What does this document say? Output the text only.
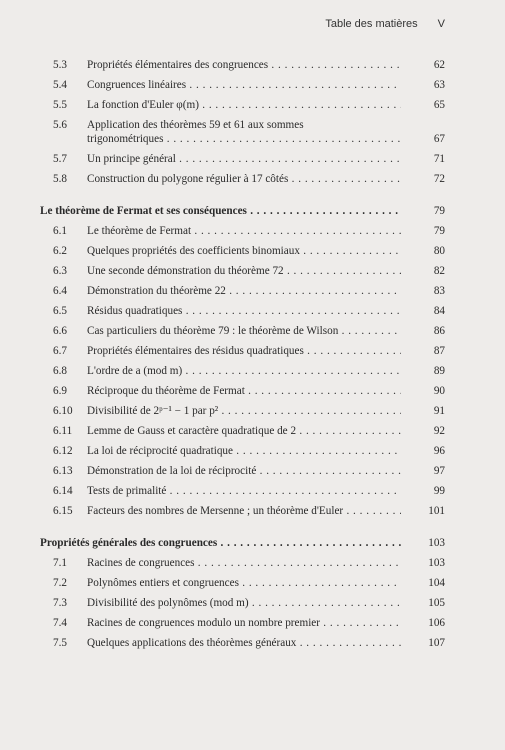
Table des matières V
5.3	Propriétés élémentaires des congruences . . .	62
5.4	Congruences linéaires . . .	63
5.5	La fonction d'Euler φ(m) . . .	65
5.6	Application des théorèmes 59 et 61 aux sommes
trigonométriques . . .	67
5.7	Un principe général . . .	71
5.8	Construction du polygone régulier à 17 côtés . . .	72
Le théorème de Fermat et ses conséquences . . .	79
6.1	Le théorème de Fermat . . .	79
6.2	Quelques propriétés des coefficients binomiaux . . .	80
6.3	Une seconde démonstration du théorème 72 . . .	82
6.4	Démonstration du théorème 22 . . .	83
6.5	Résidus quadratiques . . .	84
6.6	Cas particuliers du théorème 79 : le théorème de Wilson . . .	86
6.7	Propriétés élémentaires des résidus quadratiques . . .	87
6.8	L'ordre de a (mod m) . . .	89
6.9	Réciproque du théorème de Fermat . . .	90
6.10	Divisibilité de 2ᵖ⁻¹ − 1 par p² . . .	91
6.11	Lemme de Gauss et caractère quadratique de 2 . . .	92
6.12	La loi de réciprocité quadratique . . .	96
6.13	Démonstration de la loi de réciprocité . . .	97
6.14	Tests de primalité . . .	99
6.15	Facteurs des nombres de Mersenne ; un théorème d'Euler . . .	101
Propriétés générales des congruences . . .	103
7.1	Racines de congruences . . .	103
7.2	Polynômes entiers et congruences . . .	104
7.3	Divisibilité des polynômes (mod m) . . .	105
7.4	Racines de congruences modulo un nombre premier . . .	106
7.5	Quelques applications des théorèmes généraux . . .	107
